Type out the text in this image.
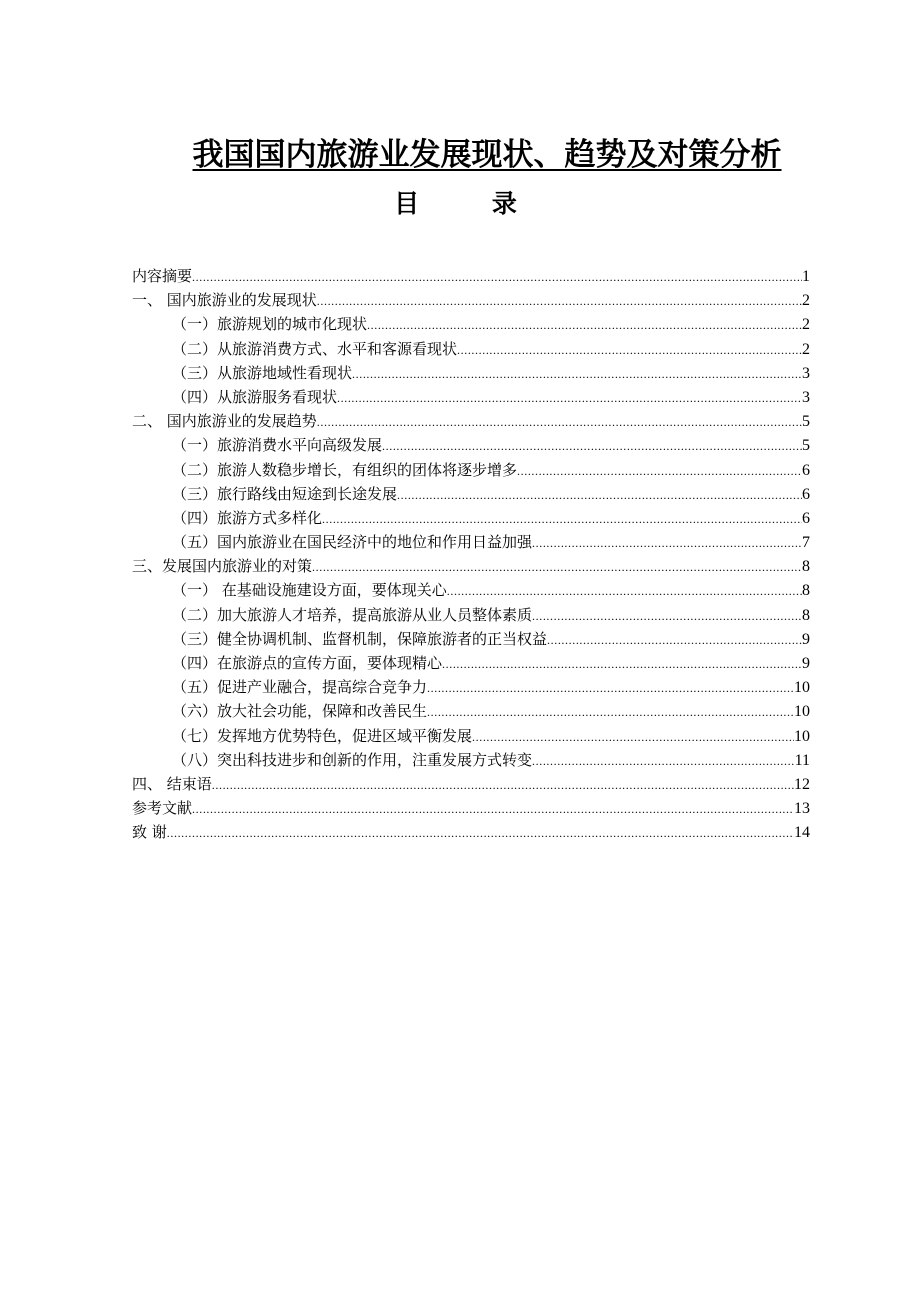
我国国内旅游业发展现状、趋势及对策分析
目 录
内容摘要 .....	1
一、 国内旅游业的发展现状 .....	2
（一）旅游规划的城市化现状 .....	2
（二）从旅游消费方式、水平和客源看现状 .....	2
（三）从旅游地域性看现状 .....	3
（四）从旅游服务看现状 .....	3
二、 国内旅游业的发展趋势 .....	5
（一）旅游消费水平向高级发展 .....	5
（二）旅游人数稳步增长，有组织的团体将逐步增多 .....	6
（三）旅行路线由短途到长途发展 .....	6
（四）旅游方式多样化 .....	6
（五）国内旅游业在国民经济中的地位和作用日益加强 .....	7
三、发展国内旅游业的对策 .....	8
（一） 在基础设施建设方面，要体现关心 .....	8
（二）加大旅游人才培养，提高旅游从业人员整体素质 .....	8
（三）健全协调机制、监督机制，保障旅游者的正当权益 .....	9
（四）在旅游点的宣传方面，要体现精心 .....	9
（五）促进产业融合，提高综合竞争力 .....	10
（六）放大社会功能，保障和改善民生 .....	10
（七）发挥地方优势特色，促进区域平衡发展 .....	10
（八）突出科技进步和创新的作用，注重发展方式转变 .....	11
四、 结束语 .....	12
参考文献 .....	13
致 谢 .....	14
